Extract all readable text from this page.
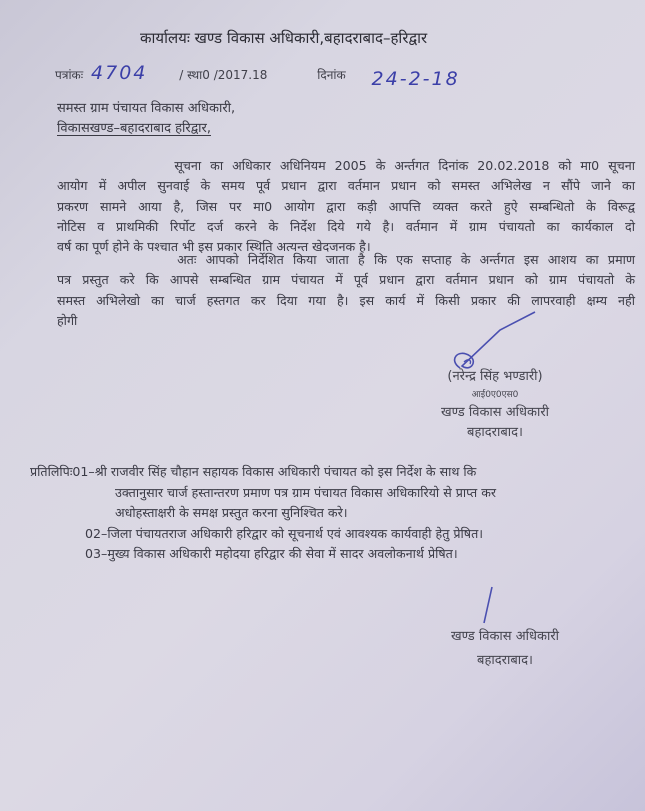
कार्यालयः खण्ड विकास अधिकारी,बहादराबाद–हरिद्वार
पत्रांकः 4704	/ स्था0 /2017.18	दिनांक 24-2-18
समस्त ग्राम पंचायत विकास अधिकारी,
विकासखण्ड–बहादराबाद हरिद्वार,
सूचना का अधिकार अधिनियम 2005 के अर्न्तगत दिनांक 20.02.2018 को मा0 सूचना
आयोग में अपील सुनवाई के समय पूर्व प्रधान द्वारा वर्तमान प्रधान को समस्त अभिलेख न सौंपे जाने का
प्रकरण सामने आया है, जिस पर मा0 आयोग द्वारा कड़ी आपत्ति व्यक्त करते हुऐ सम्बन्धितो के विरूद्व
नोटिस व प्राथमिकी रिर्पोट दर्ज करने के निर्देश दिये गये है। वर्तमान में ग्राम पंचायतो का कार्यकाल दो
वर्ष का पूर्ण होने के पश्चात भी इस प्रकार स्थिति अत्यन्त खेदजनक है।
अतः आपको निर्देशित किया जाता है कि एक सप्ताह के अर्न्तगत इस आशय का प्रमाण
पत्र प्रस्तुत करे कि आपसे सम्बन्धित ग्राम पंचायत में पूर्व प्रधान द्वारा वर्तमान प्रधान को ग्राम पंचायतो के
समस्त अभिलेखो का चार्ज हस्तगत कर दिया गया है। इस कार्य में किसी प्रकार की लापरवाही क्षम्य नही
होगी
(नरेन्द्र सिंह भण्डारी)
आई0ए0एस0
खण्ड विकास अधिकारी
बहादराबाद।
प्रतिलिपिः01–श्री राजवीर सिंह चौहान सहायक विकास अधिकारी पंचायत को इस निर्देश के साथ कि
उक्तानुसार चार्ज हस्तान्तरण प्रमाण पत्र ग्राम पंचायत विकास अधिकारियो से प्राप्त कर
अधोहस्ताक्षरी के समक्ष प्रस्तुत करना सुनिश्चित करे।
02–जिला पंचायतराज अधिकारी हरिद्वार को सूचनार्थ एवं आवश्यक कार्यवाही हेतु प्रेषित।
03–मुख्य विकास अधिकारी महोदया हरिद्वार की सेवा में सादर अवलोकनार्थ प्रेषित।
खण्ड विकास अधिकारी
बहादराबाद।
